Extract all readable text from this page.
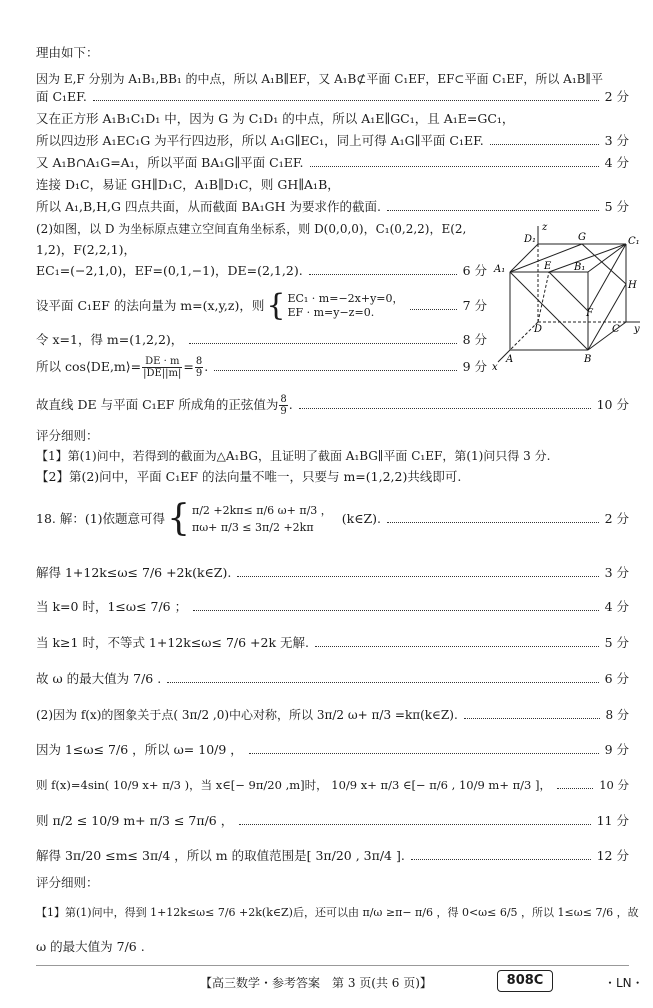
理由如下：
因为 E,F 分别为 A₁B₁,BB₁ 的中点，所以 A₁B∥EF，又 A₁B⊄平面 C₁EF，EF⊂平面 C₁EF，所以 A₁B∥平
面 C₁EF.	2 分
又在正方形 A₁B₁C₁D₁ 中，因为 G 为 C₁D₁ 的中点，所以 A₁E∥GC₁，且 A₁E=GC₁，
所以四边形 A₁EC₁G 为平行四边形，所以 A₁G∥EC₁，同上可得 A₁G∥平面 C₁EF.	3 分
又 A₁B∩A₁G=A₁，所以平面 BA₁G∥平面 C₁EF.	4 分
连接 D₁C，易证 GH∥D₁C，A₁B∥D₁C，则 GH∥A₁B，
所以 A₁,B,H,G 四点共面，从而截面 BA₁GH 为要求作的截面.	5 分
(2)如图，以 D 为坐标原点建立空间直角坐标系，则 D(0,0,0)，C₁(0,2,2)，E(2,
1,2)，F(2,2,1)，
EC₁=(−2,1,0)，EF=(0,1,−1)，DE=(2,1,2).	6 分
设平面 C₁EF 的法向量为 m=(x,y,z)，则 { EC₁ · m=−2x+y=0，
EF · m=y−z=0.	7 分
令 x=1，得 m=(1,2,2)，	8 分
所以 cos⟨DE,m⟩= $\frac{DE \cdot m}{|DE||m|} = \frac{8}{9}$ .	9 分
故直线 DE 与平面 C₁EF 所成角的正弦值为 $\frac{8}{9}$ .	10 分
评分细则：
【1】第(1)问中，若得到的截面为△A₁BG，且证明了截面 A₁BG∥平面 C₁EF，第(1)问只得 3 分.
【2】第(2)问中，平面 C₁EF 的法向量不唯一，只要与 m=(1,2,2)共线即可.
18. 解：(1)依题意可得 { π/2 +2kπ≤ π/6 ω+ π/3 ，
πω+ π/3 ≤ 3π/2 +2kπ
(k∈Z).	2 分
解得 1+12k≤ω≤ 7/6 +2k(k∈Z).	3 分
当 k=0 时，1≤ω≤ 7/6 ；	4 分
当 k≥1 时，不等式 1+12k≤ω≤ 7/6 +2k 无解.	5 分
故 ω 的最大值为 7/6 .	6 分
(2)因为 f(x)的图象关于点( 3π/2 ,0)中心对称，所以 3π/2 ω+ π/3 =kπ(k∈Z).	8 分
因为 1≤ω≤ 7/6 ，所以 ω= 10/9 ，	9 分
则 f(x)=4sin( 10/9 x+ π/3 )，当 x∈[− 9π/20 ,m]时， 10/9 x+ π/3 ∈[− π/6 , 10/9 m+ π/3 ]，	10 分
则 π/2 ≤ 10/9 m+ π/3 ≤ 7π/6 ，	11 分
解得 3π/20 ≤m≤ 3π/4 ，所以 m 的取值范围是[ 3π/20 , 3π/4 ].	12 分
评分细则：
【1】第(1)问中，得到 1+12k≤ω≤ 7/6 +2k(k∈Z)后，还可以由 π/ω ≥π− π/6 ，得 0<ω≤ 6/5 ，所以 1≤ω≤ 7/6 ，故
ω 的最大值为 7/6 .
D₁	G	C₁
z
E B₁
A₁
H
F
D	C y
A	B
x
【高三数学・参考答案　第 3 页(共 6 页)】	808C	・LN・
